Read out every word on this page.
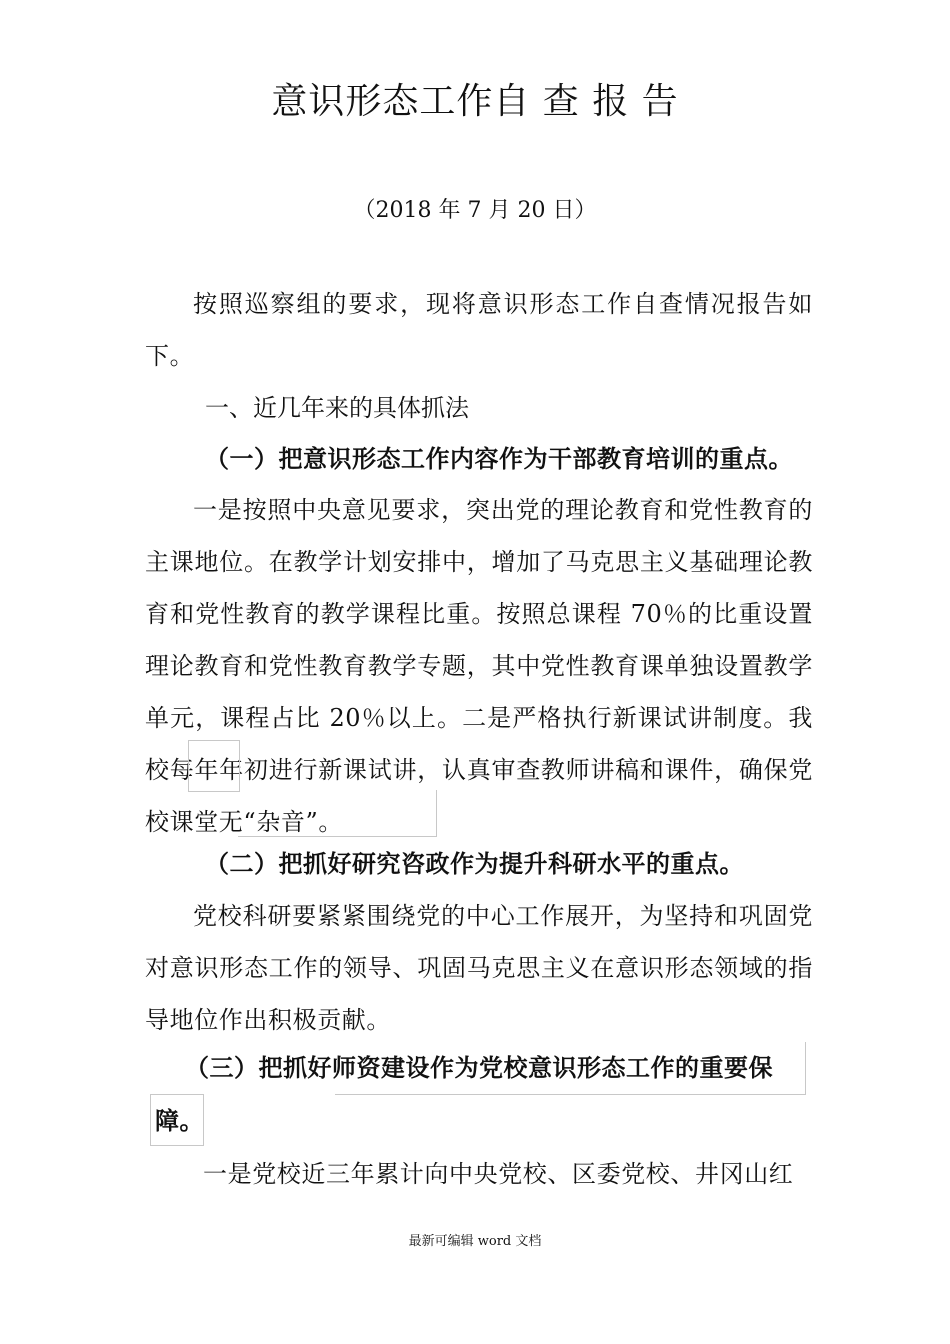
意识形态工作自 查 报 告
（2018 年 7 月 20 日）

按照巡察组的要求，现将意识形态工作自查情况报告如下。

一、近几年来的具体抓法
（一）把意识形态工作内容作为干部教育培训的重点。

一是按照中央意见要求，突出党的理论教育和党性教育的主课地位。在教学计划安排中，增加了马克思主义基础理论教育和党性教育的教学课程比重。按照总课程 70％的比重设置理论教育和党性教育教学专题，其中党性教育课单独设置教学单元，课程占比 20％以上。二是严格执行新课试讲制度。我校每年年初进行新课试讲，认真审查教师讲稿和课件，确保党校课堂无“杂音”。

（二）把抓好研究咨政作为提升科研水平的重点。

党校科研要紧紧围绕党的中心工作展开，为坚持和巩固党对意识形态工作的领导、巩固马克思主义在意识形态领域的指导地位作出积极贡献。

（三）把抓好师资建设作为党校意识形态工作的重要保
障。

一是党校近三年累计向中央党校、区委党校、井冈山红

最新可编辑 word 文档
